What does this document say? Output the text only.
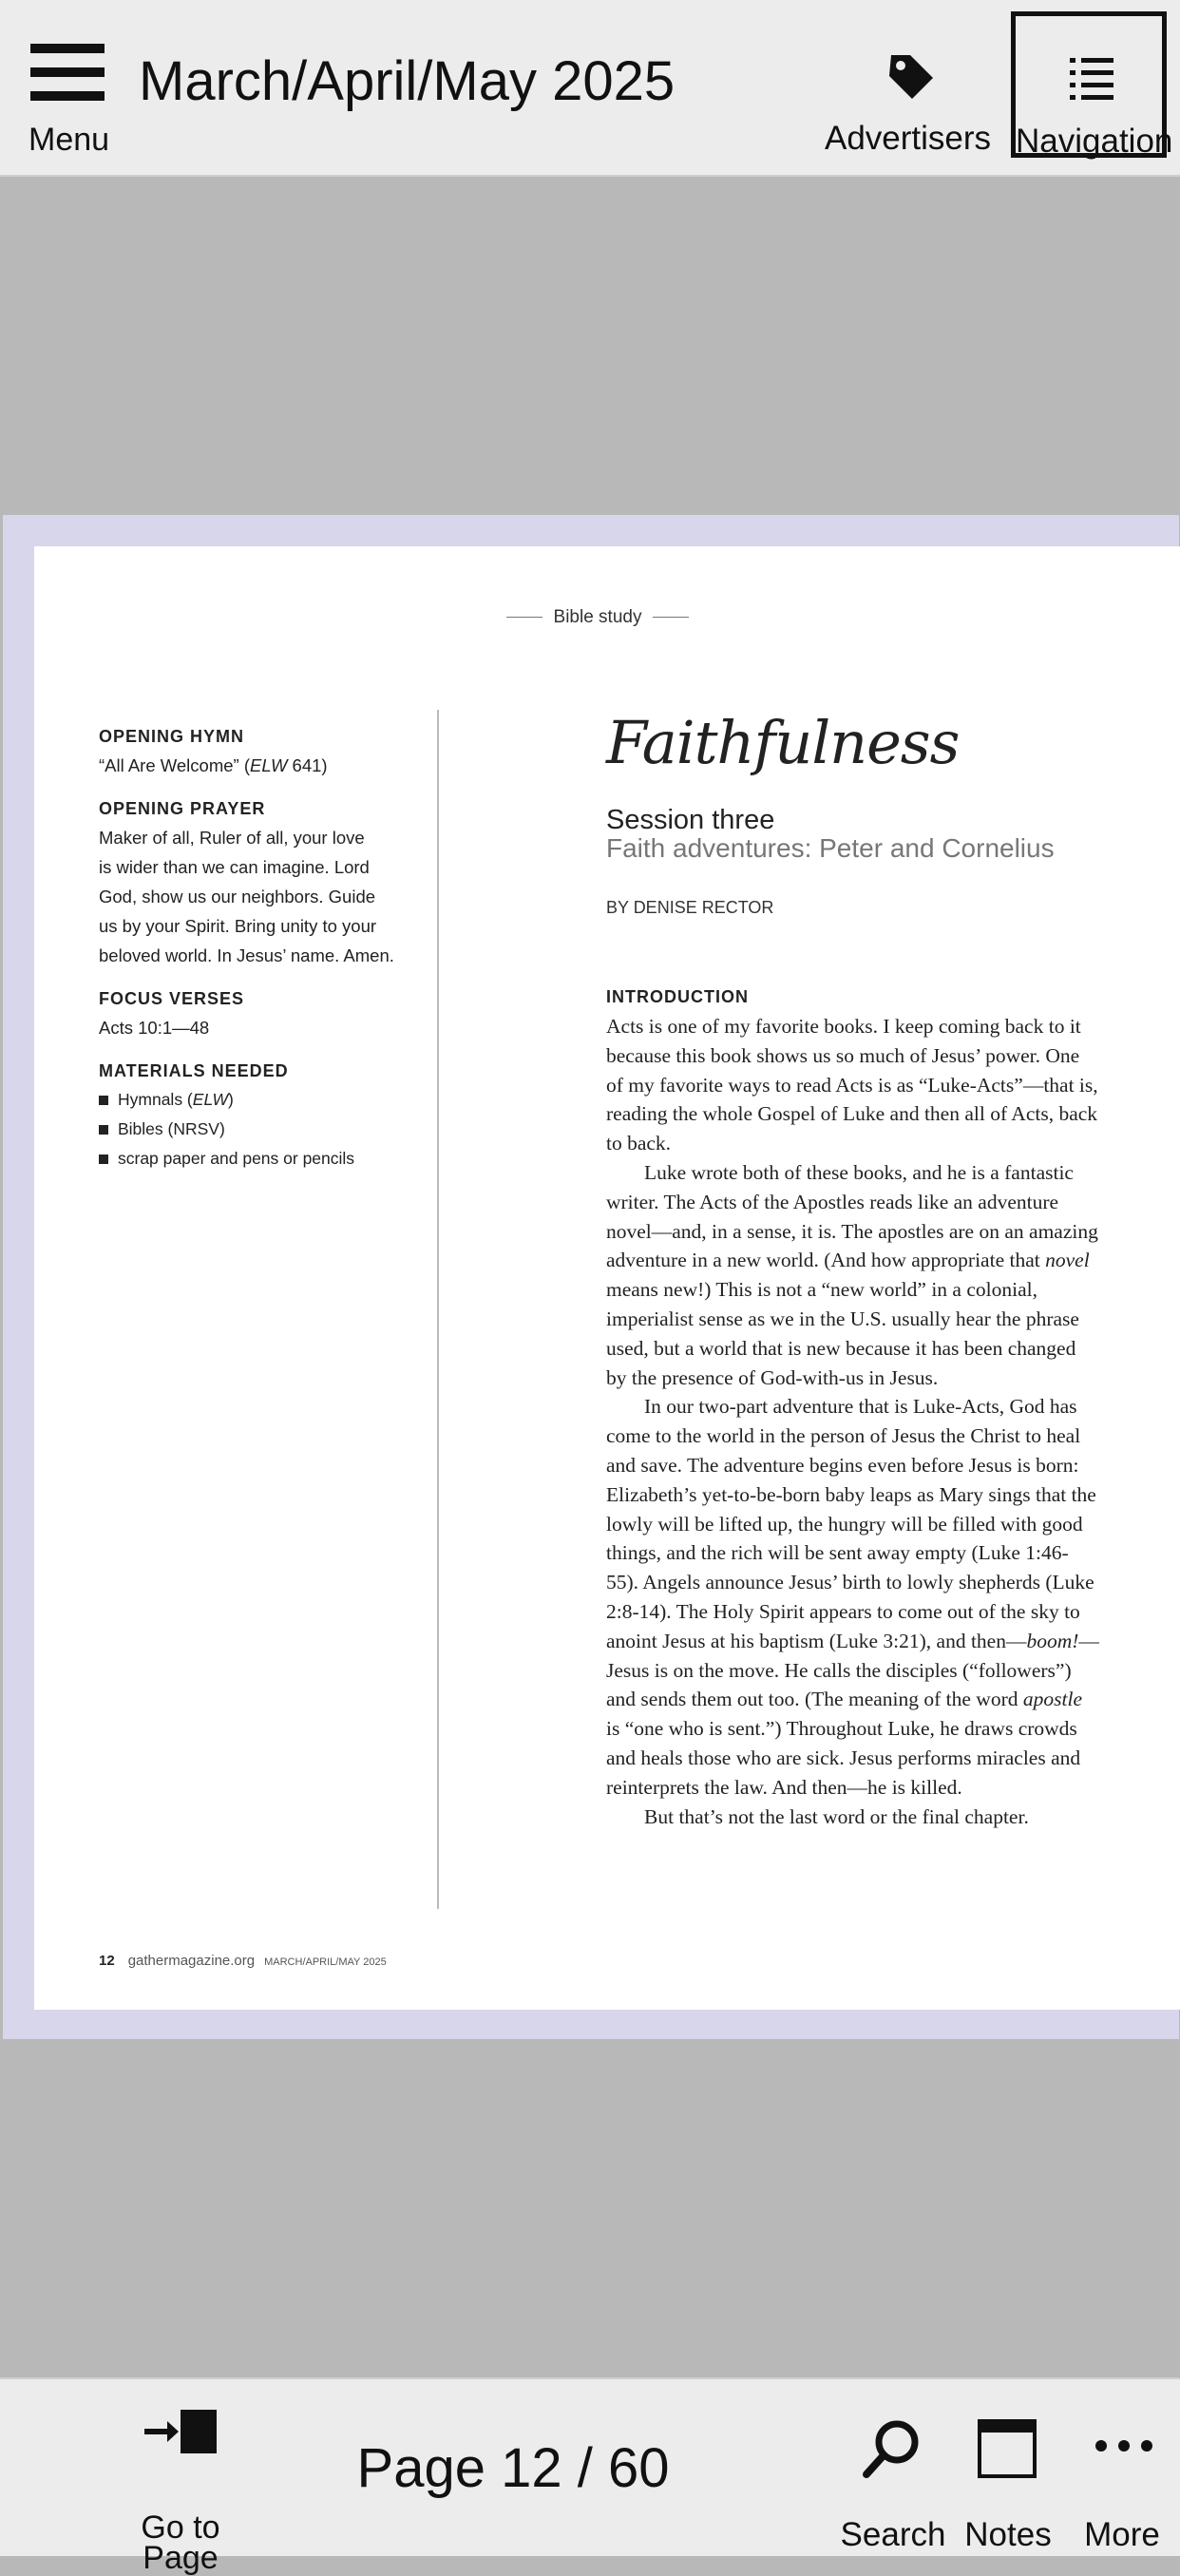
Menu
March/April/May 2025
Advertisers Navigation
Bible study
OPENING HYMN
“All Are Welcome” (ELW 641)
OPENING PRAYER
Maker of all, Ruler of all, your love
is wider than we can imagine. Lord
God, show us our neighbors. Guide
us by your Spirit. Bring unity to your
beloved world. In Jesus’ name. Amen.
FOCUS VERSES
Acts 10:1—48
MATERIALS NEEDED
Hymnals (ELW)
Bibles (NRSV)
scrap paper and pens or pencils
Faithfulness
Session three
Faith adventures: Peter and Cornelius
BY DENISE RECTOR
INTRODUCTION

Acts is one of my favorite books. I keep coming back to it because this book shows us so much of Jesus’ power. One of my favorite ways to read Acts is as “Luke-Acts”—that is, reading the whole Gospel of Luke and then all of Acts, back to back.

Luke wrote both of these books, and he is a fantastic writer. The Acts of the Apostles reads like an adventure novel—and, in a sense, it is. The apostles are on an amazing adventure in a new world. (And how appropriate that novel means new!) This is not a “new world” in a colonial, imperialist sense as we in the U.S. usually hear the phrase used, but a world that is new because it has been changed by the presence of God-with-us in Jesus.

In our two-part adventure that is Luke-Acts, God has come to the world in the person of Jesus the Christ to heal and save. The adventure begins even before Jesus is born: Elizabeth’s yet-to-be-born baby leaps as Mary sings that the lowly will be lifted up, the hungry will be filled with good things, and the rich will be sent away empty (Luke 1:46-55). Angels announce Jesus’ birth to lowly shepherds (Luke 2:8-14). The Holy Spirit appears to come out of the sky to anoint Jesus at his baptism (Luke 3:21), and then—boom!—Jesus is on the move. He calls the disciples (“followers”) and sends them out too. (The meaning of the word apostle is “one who is sent.”) Throughout Luke, he draws crowds and heals those who are sick. Jesus performs miracles and reinterprets the law. And then—he is killed.

But that’s not the last word or the final chapter.

12 gathermagazine.org MARCH/APRIL/MAY 2025
Go to Page
Page 12 / 60
Search Notes More
